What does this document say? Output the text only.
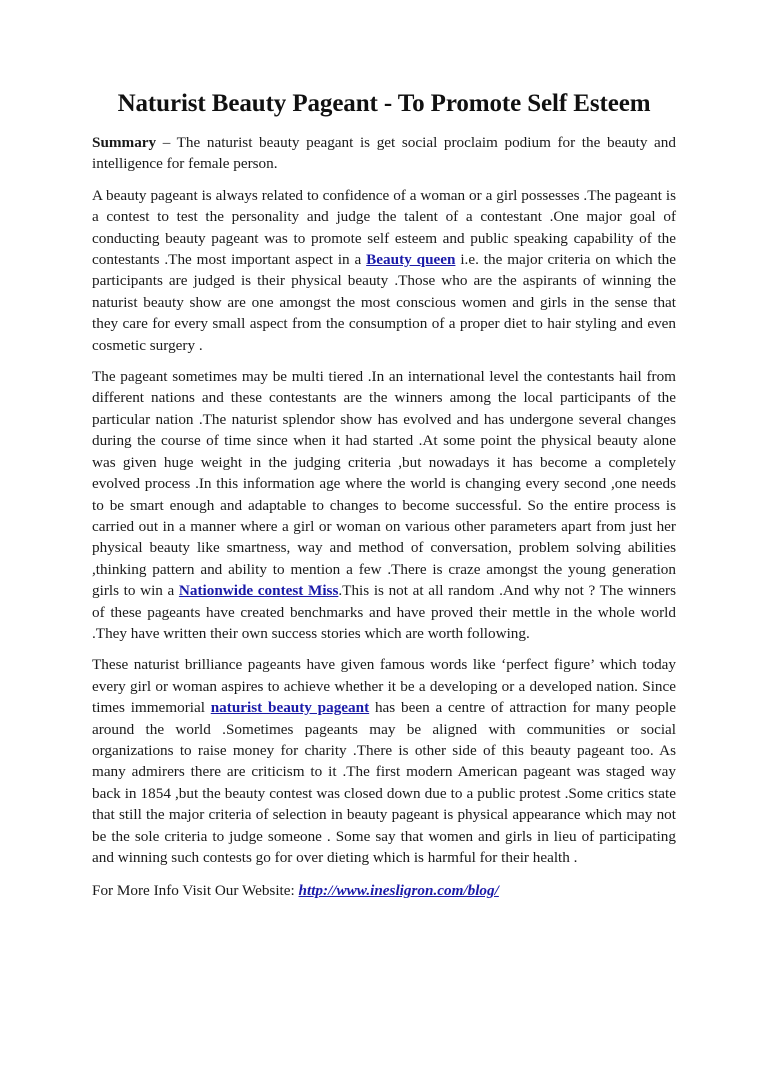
Naturist Beauty Pageant - To Promote Self Esteem

Summary – The naturist beauty peagant is get social proclaim podium for the beauty and intelligence for female person.

A beauty pageant is always related to confidence of a woman or a girl possesses .The pageant is a contest to test the personality and judge the talent of a contestant .One major goal of conducting beauty pageant was to promote self esteem and public speaking capability of the contestants .The most important aspect in a Beauty queen i.e. the major criteria on which the participants are judged is their physical beauty .Those who are the aspirants of winning the naturist beauty show are one amongst the most conscious women and girls in the sense that they care for every small aspect from the consumption of a proper diet to hair styling and even cosmetic surgery .

The pageant sometimes may be multi tiered .In an international level the contestants hail from different nations and these contestants are the winners among the local participants of the particular nation .The naturist splendor show has evolved and has undergone several changes during the course of time since when it had started .At some point the physical beauty alone was given huge weight in the judging criteria ,but nowadays it has become a completely evolved process .In this information age where the world is changing every second ,one needs to be smart enough and adaptable to changes to become successful. So the entire process is carried out in a manner where a girl or woman on various other parameters apart from just her physical beauty like smartness, way and method of conversation, problem solving abilities ,thinking pattern and ability to mention a few .There is craze amongst the young generation girls to win a Nationwide contest Miss.This is not at all random .And why not ? The winners of these pageants have created benchmarks and have proved their mettle in the whole world .They have written their own success stories which are worth following.

These naturist brilliance pageants have given famous words like ‘perfect figure’ which today every girl or woman aspires to achieve whether it be a developing or a developed nation. Since times immemorial naturist beauty pageant has been a centre of attraction for many people around the world .Sometimes pageants may be aligned with communities or social organizations to raise money for charity .There is other side of this beauty pageant too. As many admirers there are criticism to it .The first modern American pageant was staged way back in 1854 ,but the beauty contest was closed down due to a public protest .Some critics state that still the major criteria of selection in beauty pageant is physical appearance which may not be the sole criteria to judge someone . Some say that women and girls in lieu of participating and winning such contests go for over dieting which is harmful for their health .

For More Info Visit Our Website: http://www.inesligron.com/blog/
